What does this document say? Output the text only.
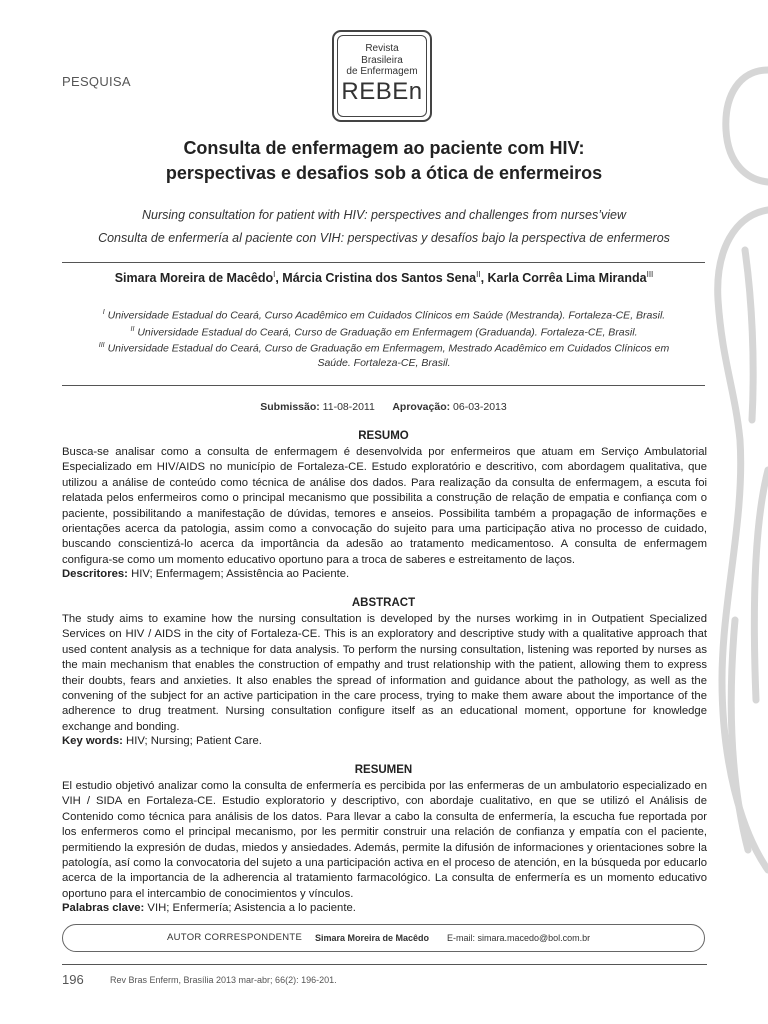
PESQUISA
Revista
Brasileira
de Enfermagem
REBEn
Consulta de enfermagem ao paciente com HIV:
perspectivas e desafios sob a ótica de enfermeiros
Nursing consultation for patient with HIV: perspectives and challenges from nurses’view
Consulta de enfermería al paciente con VIH: perspectivas y desafíos bajo la perspectiva de enfermeros
Simara Moreira de Macêdo$^I$, Márcia Cristina dos Santos Sena$^{II}$, Karla Corrêa Lima Miranda$^{III}$
$^I$ Universidade Estadual do Ceará, Curso Acadêmico em Cuidados Clínicos em Saúde (Mestranda). Fortaleza-CE, Brasil.
$^{II}$ Universidade Estadual do Ceará, Curso de Graduação em Enfermagem (Graduanda). Fortaleza-CE, Brasil.
$^{III}$ Universidade Estadual do Ceará, Curso de Graduação em Enfermagem, Mestrado Acadêmico em Cuidados Clínicos em Saúde. Fortaleza-CE, Brasil.
Submissão: 11-08-2011 Aprovação: 06-03-2013
RESUMO

Busca-se analisar como a consulta de enfermagem é desenvolvida por enfermeiros que atuam em Serviço Ambulatorial Especializado em HIV/AIDS no município de Fortaleza-CE. Estudo exploratório e descritivo, com abordagem qualitativa, que utilizou a análise de conteúdo como técnica de análise dos dados. Para realização da consulta de enfermagem, a escuta foi relatada pelos enfermeiros como o principal mecanismo que possibilita a construção de relação de empatia e confiança com o paciente, possibilitando a manifestação de dúvidas, temores e anseios. Possibilita também a propagação de informações e orientações acerca da patologia, assim como a convocação do sujeito para uma participação ativa no processo de cuidado, buscando conscientizá-lo acerca da importância da adesão ao tratamento medicamentoso. A consulta de enfermagem configura-se como um momento educativo oportuno para a troca de saberes e estreitamento de laços.

Descritores: HIV; Enfermagem; Assistência ao Paciente.

ABSTRACT

The study aims to examine how the nursing consultation is developed by the nurses workimg in in Outpatient Specialized Services on HIV / AIDS in the city of Fortaleza-CE. This is an exploratory and descriptive study with a qualitative approach that used content analysis as a technique for data analysis. To perform the nursing consultation, listening was reported by nurses as the main mechanism that enables the construction of empathy and trust relationship with the patient, allowing them to express their doubts, fears and anxieties. It also enables the spread of information and guidance about the pathology, as well as the convening of the subject for an active participation in the care process, trying to make them aware about the importance of the adherence to drug treatment. Nursing consultation configure itself as an educational moment, opportune for knowledge exchange and bonding.

Key words: HIV; Nursing; Patient Care.

RESUMEN

El estudio objetivó analizar como la consulta de enfermería es percibida por las enfermeras de un ambulatorio especializado en VIH / SIDA en Fortaleza-CE. Estudio exploratorio y descriptivo, con abordaje cualitativo, en que se utilizó el Análisis de Contenido como técnica para análisis de los datos. Para llevar a cabo la consulta de enfermería, la escucha fue reportada por los enfermeros como el principal mecanismo, por les permitir construir una relación de confianza y empatía con el paciente, permitiendo la expresión de dudas, miedos y ansiedades. Además, permite la difusión de informaciones y orientaciones sobre la patología, así como la convocatoria del sujeto a una participación activa en el proceso de atención, en la búsqueda por educarlo acerca de la importancia de la adherencia al tratamiento farmacológico. La consulta de enfermería es un momento educativo oportuno para el intercambio de conocimientos y vínculos.

Palabras clave: VIH; Enfermería; Asistencia a lo paciente.

AUTOR CORRESPONDENTE Simara Moreira de Macêdo E-mail: simara.macedo@bol.com.br
196	Rev Bras Enferm, Brasília 2013 mar-abr; 66(2): 196-201.
